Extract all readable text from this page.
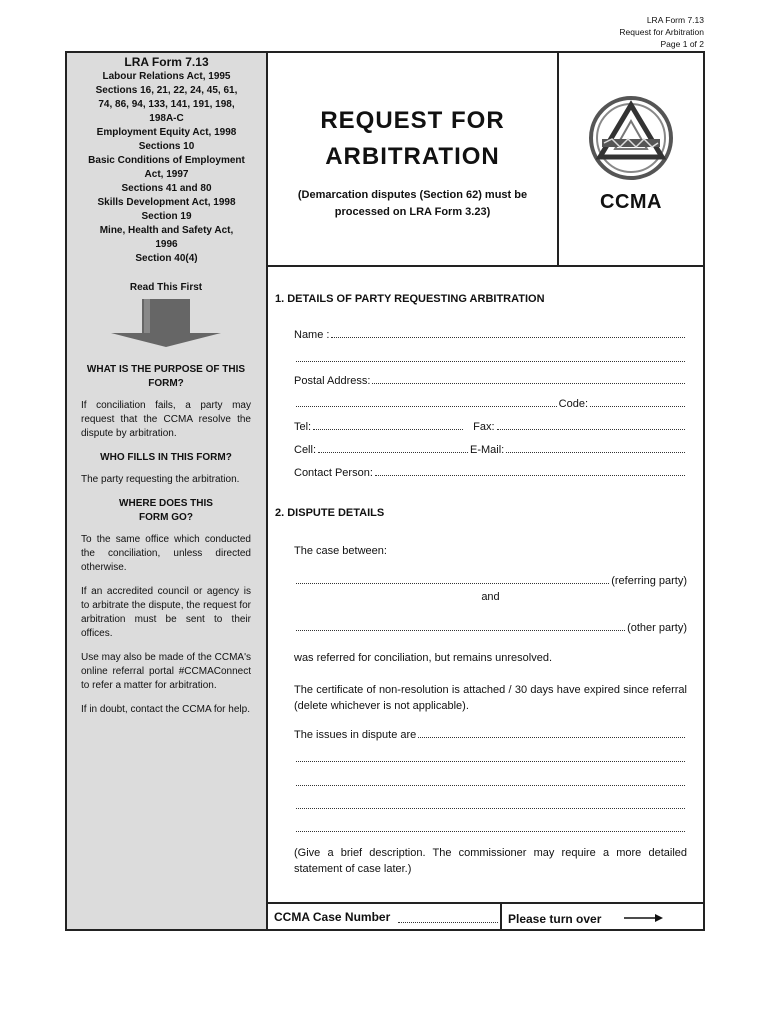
LRA Form 7.13
Request for Arbitration
Page 1 of 2
LRA Form 7.13
Labour Relations Act, 1995
Sections 16, 21, 22, 24, 45, 61,
74, 86, 94, 133, 141, 191, 198,
198A-C
Employment Equity Act, 1998
Sections 10
Basic Conditions of Employment
Act, 1997
Sections 41 and 80
Skills Development Act, 1998
Section 19
Mine, Health and Safety Act,
1996
Section 40(4)
REQUEST FOR
ARBITRATION
(Demarcation disputes (Section 62) must be
processed on LRA Form 3.23)	CCMA
Read This First
WHAT IS THE PURPOSE OF THIS FORM?

If conciliation fails, a party may request that the CCMA resolve the dispute by arbitration.

WHO FILLS IN THIS FORM?

The party requesting the arbitration.

WHERE DOES THIS
FORM GO?

To the same office which conducted the conciliation, unless directed otherwise.

If an accredited council or agency is to arbitrate the dispute, the request for arbitration must be sent to their offices.

Use may also be made of the CCMA's online referral portal #CCMAConnect to refer a matter for arbitration.

If in doubt, contact the CCMA for help.

1. DETAILS OF PARTY REQUESTING ARBITRATION
Name :
Postal Address:
Code:
Tel:	Fax:
Cell:	E-Mail:
Contact Person:
2. DISPUTE DETAILS
The case between:
(referring party)
and
(other party)
was referred for conciliation, but remains unresolved.
The certificate of non-resolution is attached / 30 days have expired since referral (delete whichever is not applicable).
The issues in dispute are
(Give a brief description. The commissioner may require a more detailed statement of case later.)
CCMA Case Number	Please turn over
